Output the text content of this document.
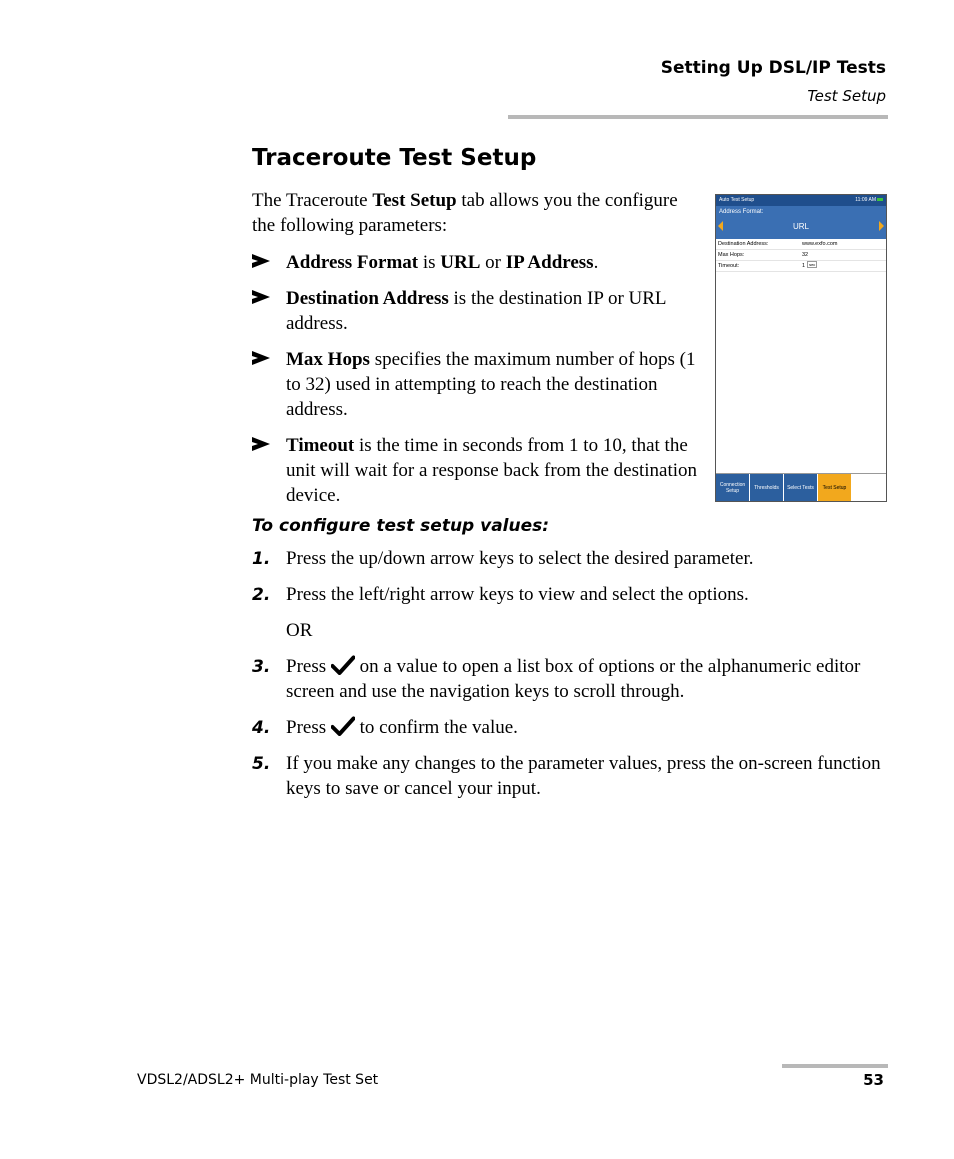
Setting Up DSL/IP Tests
Test Setup
Traceroute Test Setup
The Traceroute Test Setup tab allows you the configure the following parameters:
Address Format is URL or IP Address.
Destination Address is the destination IP or URL address.
Max Hops specifies the maximum number of hops (1 to 32) used in attempting to reach the destination address.
Timeout is the time in seconds from 1 to 10, that the unit will wait for a response back from the destination device.
Auto Test Setup	11:09 AM
Address Format:
URL
Destination Address:	www.exfo.com
Max Hops:	32
Timeout:	1 sec
Connection Setup	Thresholds	Select Tests	Test Setup
To configure test setup values:
1. Press the up/down arrow keys to select the desired parameter.
2. Press the left/right arrow keys to view and select the options.
OR
3. Press  on a value to open a list box of options or the alphanumeric editor screen and use the navigation keys to scroll through.
4. Press  to confirm the value.
5. If you make any changes to the parameter values, press the on-screen function keys to save or cancel your input.
VDSL2/ADSL2+ Multi-play Test Set	53
